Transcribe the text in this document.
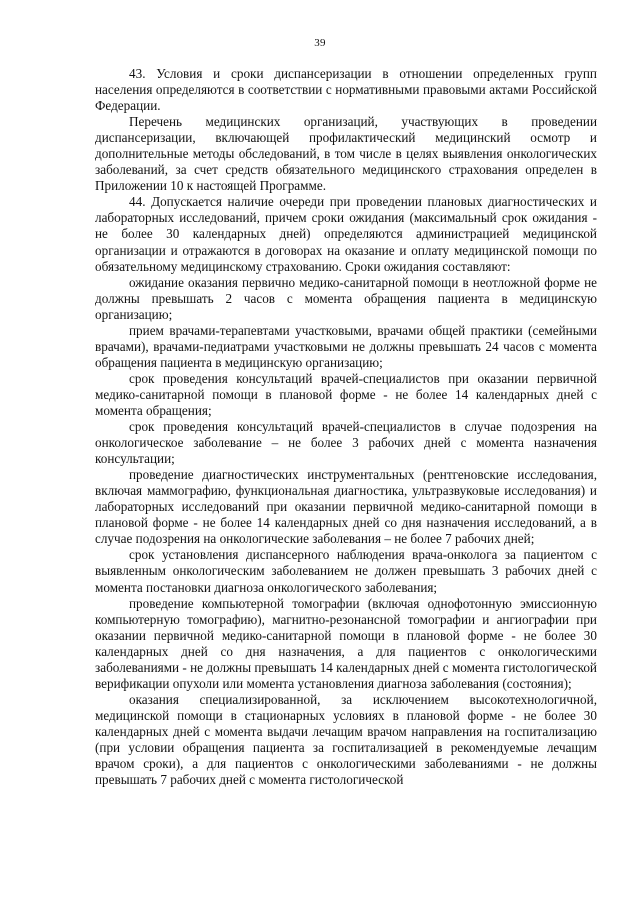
39

43. Условия и сроки диспансеризации в отношении определенных групп населения определяются в соответствии с нормативными правовыми актами Российской Федерации.

Перечень медицинских организаций, участвующих в проведении диспансеризации, включающей профилактический медицинский осмотр и дополнительные методы обследований, в том числе в целях выявления онкологических заболеваний, за счет средств обязательного медицинского страхования определен в Приложении 10 к настоящей Программе.

44. Допускается наличие очереди при проведении плановых диагностических и лабораторных исследований, причем сроки ожидания (максимальный срок ожидания - не более 30 календарных дней) определяются администрацией медицинской организации и отражаются в договорах на оказание и оплату медицинской помощи по обязательному медицинскому страхованию. Сроки ожидания составляют:

ожидание оказания первично медико-санитарной помощи в неотложной форме не должны превышать 2 часов с момента обращения пациента в медицинскую организацию;

прием врачами-терапевтами участковыми, врачами общей практики (семейными врачами), врачами-педиатрами участковыми не должны превышать 24 часов с момента обращения пациента в медицинскую организацию;

срок проведения консультаций врачей-специалистов при оказании первичной медико-санитарной помощи в плановой форме - не более 14 календарных дней с момента обращения;

срок проведения консультаций врачей-специалистов в случае подозрения на онкологическое заболевание – не более 3 рабочих дней с момента назначения консультации;

проведение диагностических инструментальных (рентгеновские исследования, включая маммографию, функциональная диагностика, ультразвуковые исследования) и лабораторных исследований при оказании первичной медико-санитарной помощи в плановой форме - не более 14 календарных дней со дня назначения исследований, а в случае подозрения на онкологические заболевания – не более 7 рабочих дней;

срок установления диспансерного наблюдения врача-онколога за пациентом с выявленным онкологическим заболеванием не должен превышать 3 рабочих дней с момента постановки диагноза онкологического заболевания;

проведение компьютерной томографии (включая однофотонную эмиссионную компьютерную томографию), магнитно-резонансной томографии и ангиографии при оказании первичной медико-санитарной помощи в плановой форме - не более 30 календарных дней со дня назначения, а для пациентов с онкологическими заболеваниями - не должны превышать 14 календарных дней с момента гистологической верификации опухоли или момента установления диагноза заболевания (состояния);

оказания специализированной, за исключением высокотехнологичной, медицинской помощи в стационарных условиях в плановой форме - не более 30 календарных дней с момента выдачи лечащим врачом направления на госпитализацию (при условии обращения пациента за госпитализацией в рекомендуемые лечащим врачом сроки), а для пациентов с онкологическими заболеваниями - не должны превышать 7 рабочих дней с момента гистологической
